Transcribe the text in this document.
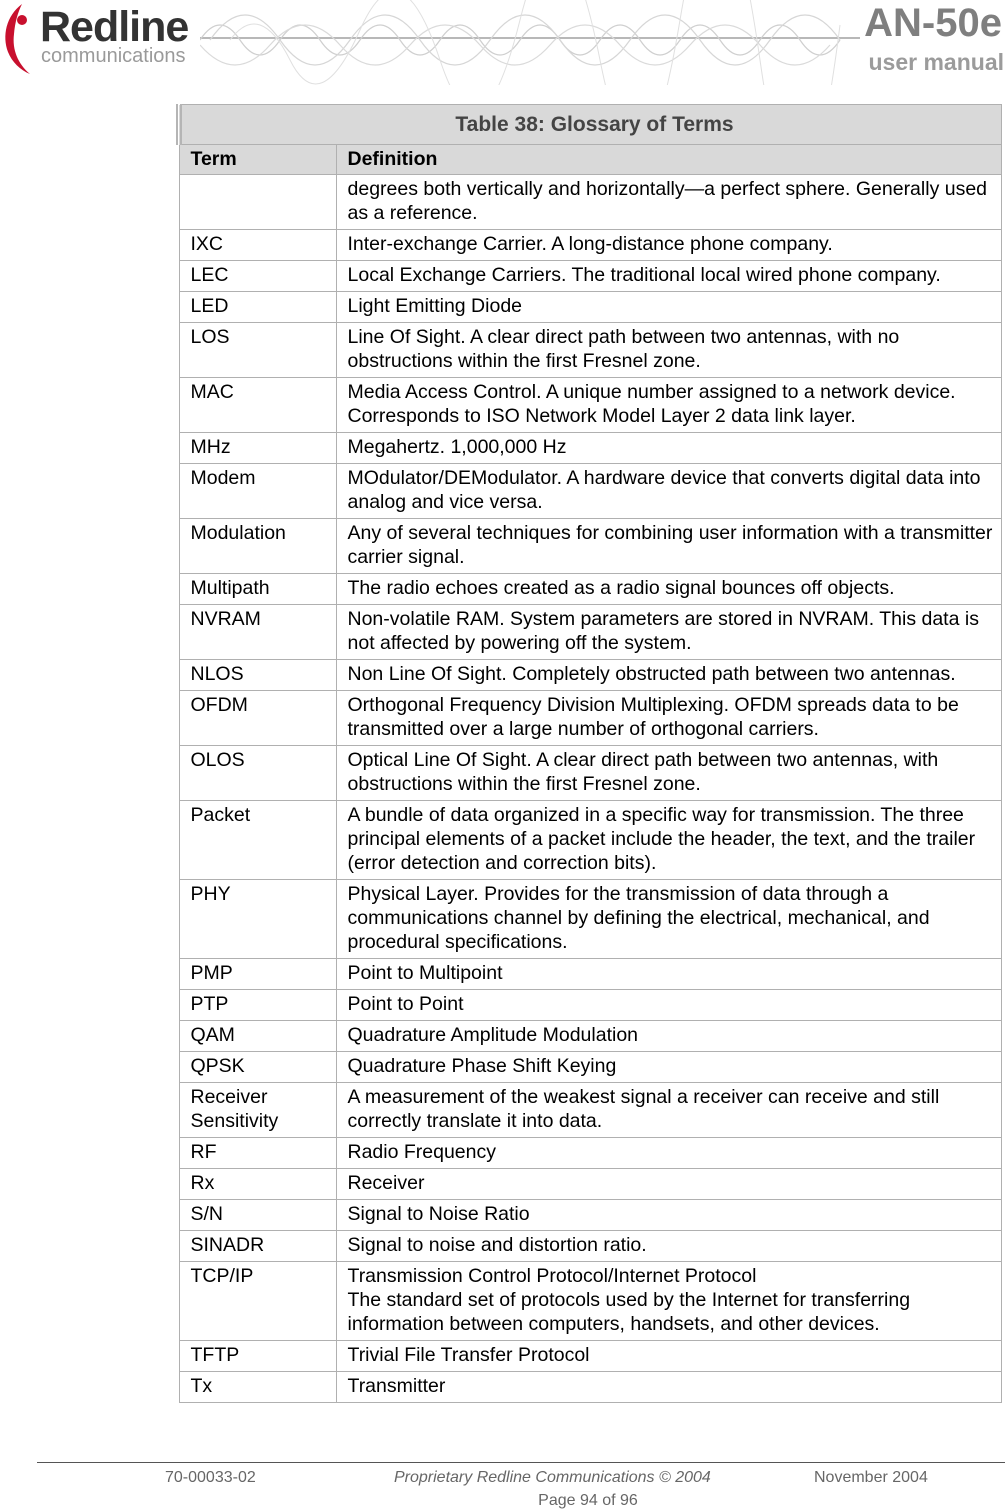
Redline
communications
AN-50e
user manual
Table 38: Glossary of Terms	
Term	Definition

	degrees both vertically and horizontally—a perfect sphere. Generally used as a reference.

IXC	Inter-exchange Carrier. A long-distance phone company.

LEC	Local Exchange Carriers. The traditional local wired phone company.

LED	Light Emitting Diode

LOS	Line Of Sight. A clear direct path between two antennas, with no obstructions within the first Fresnel zone.

MAC	Media Access Control. A unique number assigned to a network device. Corresponds to ISO Network Model Layer 2 data link layer.

MHz	Megahertz. 1,000,000 Hz

Modem	MOdulator/DEModulator. A hardware device that converts digital data into analog and vice versa.

Modulation	Any of several techniques for combining user information with a transmitter carrier signal.

Multipath	The radio echoes created as a radio signal bounces off objects.

NVRAM	Non-volatile RAM. System parameters are stored in NVRAM. This data is not affected by powering off the system.

NLOS	Non Line Of Sight. Completely obstructed path between two antennas.

OFDM	Orthogonal Frequency Division Multiplexing. OFDM spreads data to be transmitted over a large number of orthogonal carriers.

OLOS	Optical Line Of Sight. A clear direct path between two antennas, with obstructions within the first Fresnel zone.

Packet	A bundle of data organized in a specific way for transmission. The three principal elements of a packet include the header, the text, and the trailer (error detection and correction bits).

PHY	Physical Layer. Provides for the transmission of data through a communications channel by defining the electrical, mechanical, and procedural specifications.

PMP	Point to Multipoint

PTP	Point to Point

QAM	Quadrature Amplitude Modulation

QPSK	Quadrature Phase Shift Keying

Receiver Sensitivity	A measurement of the weakest signal a receiver can receive and still correctly translate it into data.

RF	Radio Frequency

Rx	Receiver

S/N	Signal to Noise Ratio

SINADR	Signal to noise and distortion ratio.

TCP/IP	Transmission Control Protocol/Internet Protocol

The standard set of protocols used by the Internet for transferring information between computers, handsets, and other devices.

TFTP	Trivial File Transfer Protocol

Tx	Transmitter

70-00033-02	Proprietary Redline Communications © 2004	November 2004
Page 94 of 96
